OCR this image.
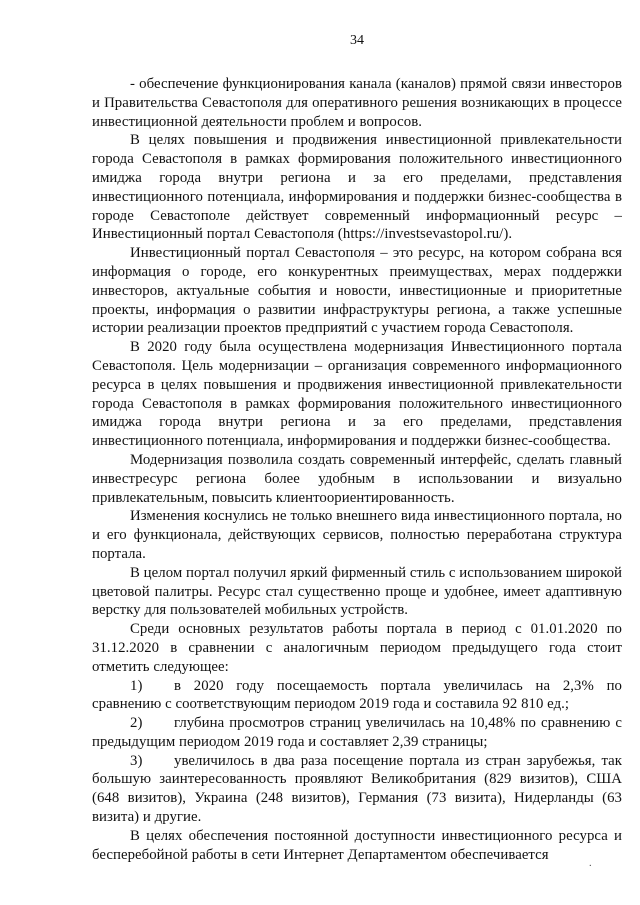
34

- обеспечение функционирования канала (каналов) прямой связи инвесторов и Правительства Севастополя для оперативного решения возникающих в процессе инвестиционной деятельности проблем и вопросов.

В целях повышения и продвижения инвестиционной привлекательности города Севастополя в рамках формирования положительного инвестиционного имиджа города внутри региона и за его пределами, представления инвестиционного потенциала, информирования и поддержки бизнес-сообщества в городе Севастополе действует современный информационный ресурс – Инвестиционный портал Севастополя (https://investsevastopol.ru/).

Инвестиционный портал Севастополя – это ресурс, на котором собрана вся информация о городе, его конкурентных преимуществах, мерах поддержки инвесторов, актуальные события и новости, инвестиционные и приоритетные проекты, информация о развитии инфраструктуры региона, а также успешные истории реализации проектов предприятий с участием города Севастополя.

В 2020 году была осуществлена модернизация Инвестиционного портала Севастополя. Цель модернизации – организация современного информационного ресурса в целях повышения и продвижения инвестиционной привлекательности города Севастополя в рамках формирования положительного инвестиционного имиджа города внутри региона и за его пределами, представления инвестиционного потенциала, информирования и поддержки бизнес-сообщества.

Модернизация позволила создать современный интерфейс, сделать главный инвестресурс региона более удобным в использовании и визуально привлекательным, повысить клиентоориентированность.

Изменения коснулись не только внешнего вида инвестиционного портала, но и его функционала, действующих сервисов, полностью переработана структура портала.

В целом портал получил яркий фирменный стиль с использованием широкой цветовой палитры. Ресурс стал существенно проще и удобнее, имеет адаптивную верстку для пользователей мобильных устройств.

Среди основных результатов работы портала в период с 01.01.2020 по 31.12.2020 в сравнении с аналогичным периодом предыдущего года стоит отметить следующее:

1) в 2020 году посещаемость портала увеличилась на 2,3% по сравнению с соответствующим периодом 2019 года и составила 92 810 ед.;

2) глубина просмотров страниц увеличилась на 10,48% по сравнению с предыдущим периодом 2019 года и составляет 2,39 страницы;

3) увеличилось в два раза посещение портала из стран зарубежья, так большую заинтересованность проявляют Великобритания (829 визитов), США (648 визитов), Украина (248 визитов), Германия (73 визита), Нидерланды (63 визита) и другие.

В целях обеспечения постоянной доступности инвестиционного ресурса и бесперебойной работы в сети Интернет Департаментом обеспечивается

·
